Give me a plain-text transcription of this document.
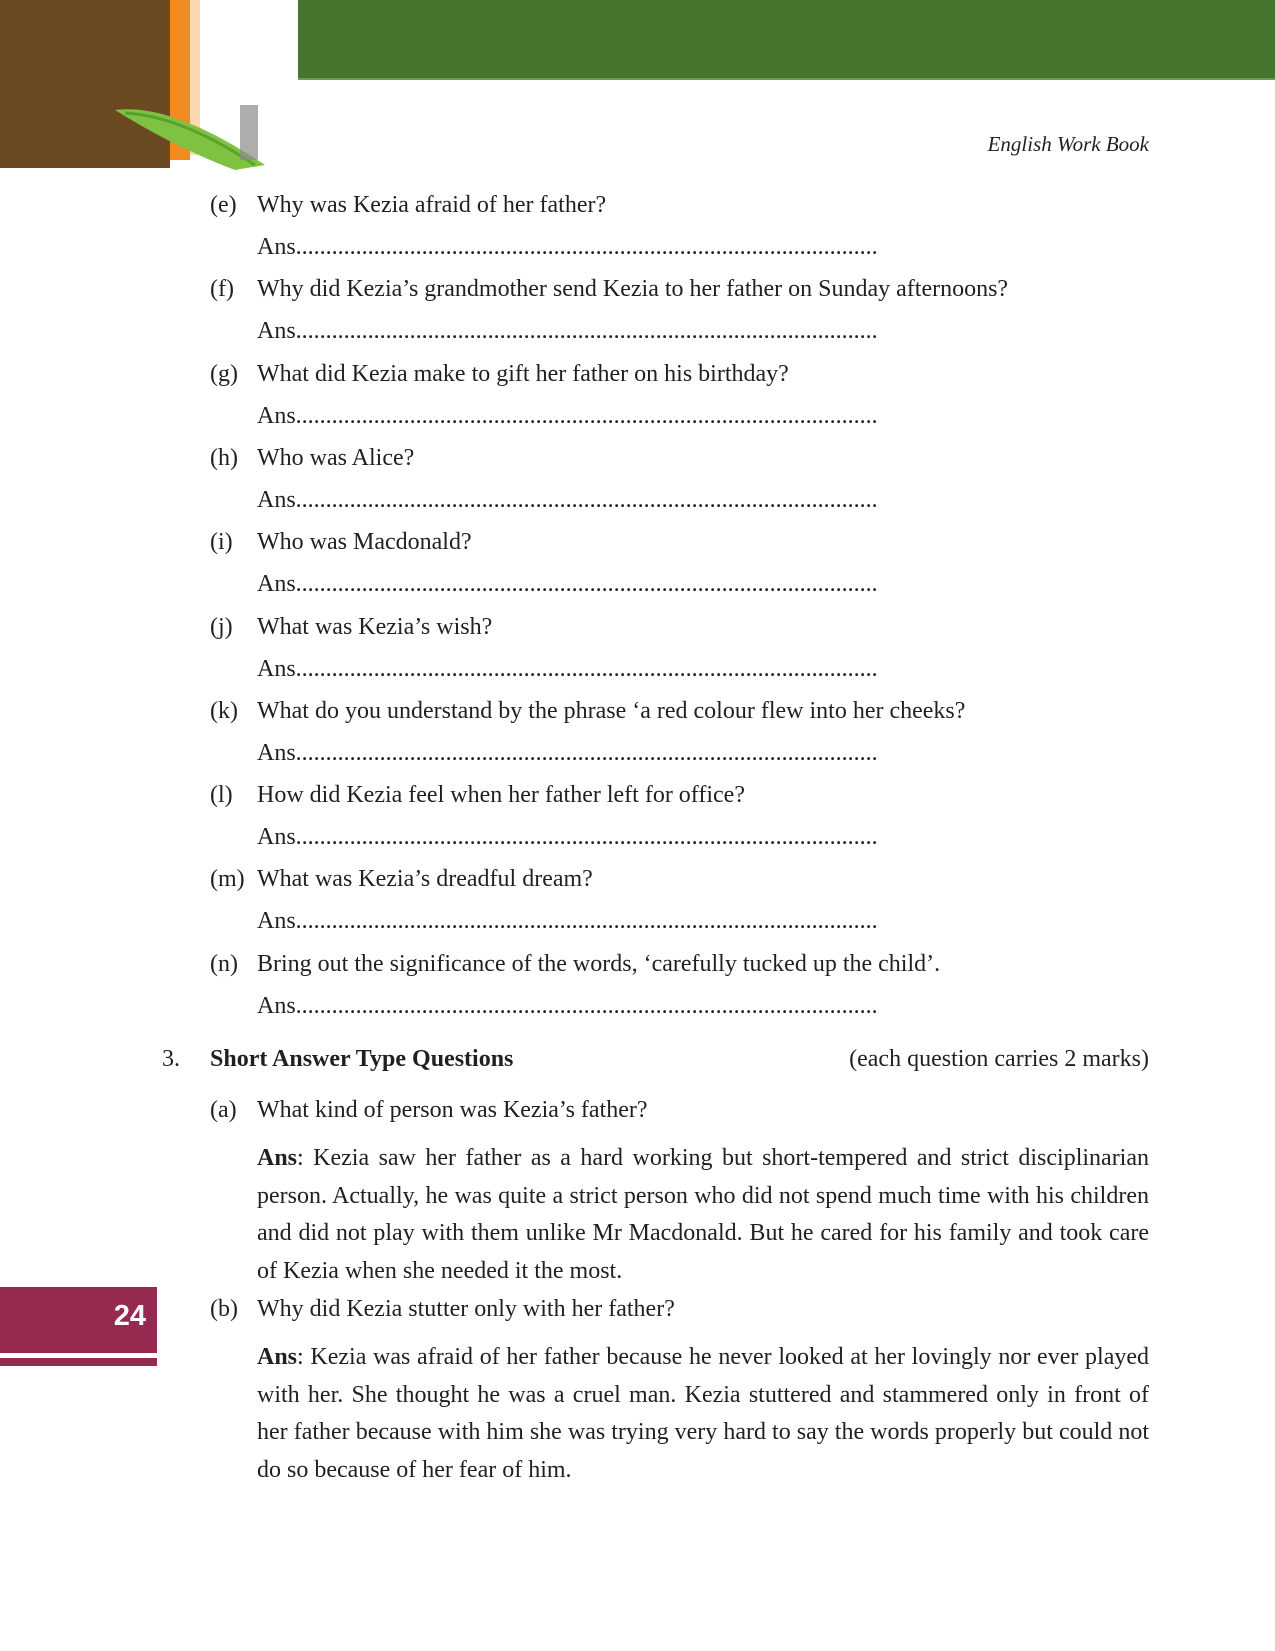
English Work Book
24
(e) Why was Kezia afraid of her father?
Ans.................................................................................................
(f) Why did Kezia’s grandmother send Kezia to her father on Sunday afternoons?
Ans.................................................................................................
(g) What did Kezia make to gift her father on his birthday?
Ans.................................................................................................
(h) Who was Alice?
Ans.................................................................................................
(i)	Who was Macdonald?
Ans.................................................................................................
(j)	What was Kezia’s wish?
Ans.................................................................................................
(k) What do you understand by the phrase ‘a red colour flew into her cheeks?
Ans.................................................................................................
(l)	How did Kezia feel when her father left for office?
Ans.................................................................................................
(m) What was Kezia’s dreadful dream?
Ans.................................................................................................
(n) Bring out the significance of the words, ‘carefully tucked up the child’.
Ans.................................................................................................
3. Short Answer Type Questions	(each question carries 2 marks)
(a) What kind of person was Kezia’s father?
Ans: Kezia saw her father as a hard working but short-tempered and strict disciplinarian person. Actually, he was quite a strict person who did not spend much time with his children and did not play with them unlike Mr Macdonald. But he cared for his family and took care of Kezia when she needed it the most.
(b) Why did Kezia stutter only with her father?
Ans: Kezia was afraid of her father because he never looked at her lovingly nor ever played with her. She thought he was a cruel man. Kezia stuttered and stammered only in front of her father because with him she was trying very hard to say the words properly but could not do so because of her fear of him.
